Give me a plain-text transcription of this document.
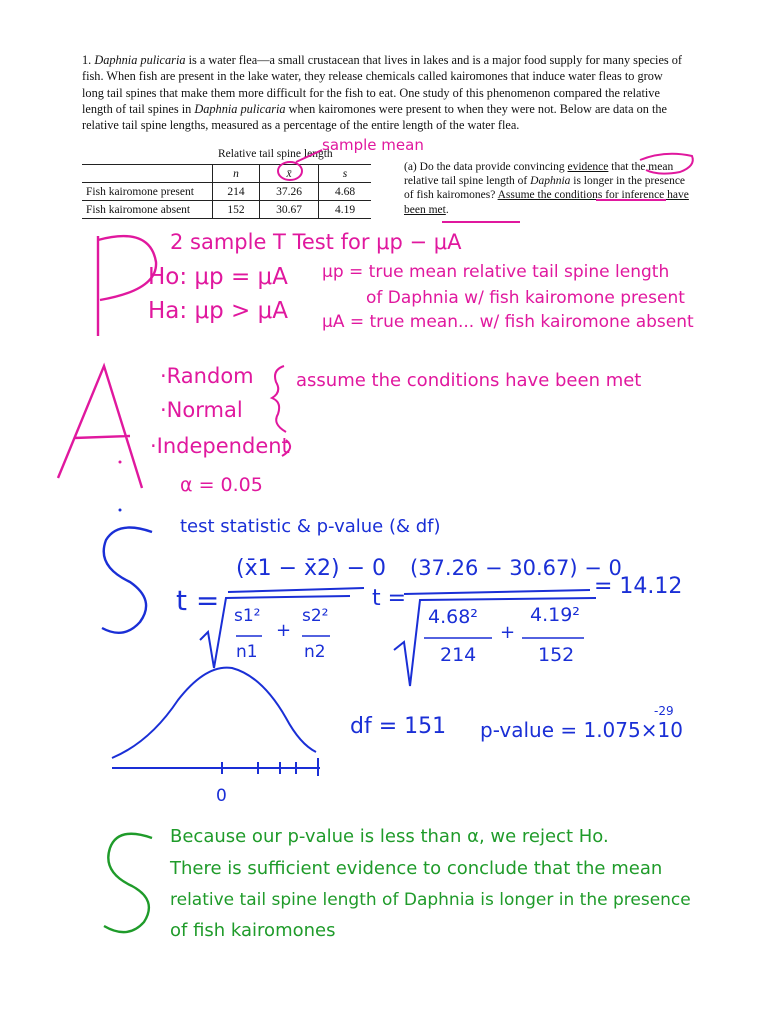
1. Daphnia pulicaria is a water flea—a small crustacean that lives in lakes and is a major food supply for many species of fish. When fish are present in the lake water, they release chemicals called kairomones that induce water fleas to grow long tail spines that make them more difficult for the fish to eat. One study of this phenomenon compared the relative length of tail spines in Daphnia pulicaria when kairomones were present to when they were not. Below are data on the relative tail spine lengths, measured as a percentage of the entire length of the water flea.
Relative tail spine length
	n	x̄	s
Fish kairomone present	214	37.26	4.68
Fish kairomone absent	152	30.67	4.19
(a) Do the data provide convincing evidence that the mean relative tail spine length of Daphnia is longer in the presence of fish kairomones? Assume the conditions for inference have been met.
sample mean
2 sample T Test for μp − μA
Ho: μp = μA
Ha: μp > μA
μp = true mean relative tail spine length
of Daphnia w/ fish kairomone present
μA = true mean... w/ fish kairomone absent
·Random
·Normal
·Independent
assume the conditions have been met
α = 0.05
test statistic & p-value (& df)
t =
(x̄1 − x̄2) − 0
s1²
n1
+
s2²
n2
t =
(37.26 − 30.67) − 0
4.68²
214
+
4.19²
152
= 14.12
df = 151 p-value = 1.075×10
-29
0
Because our p-value is less than α, we reject Ho.
There is sufficient evidence to conclude that the mean
relative tail spine length of Daphnia is longer in the presence
of fish kairomones
